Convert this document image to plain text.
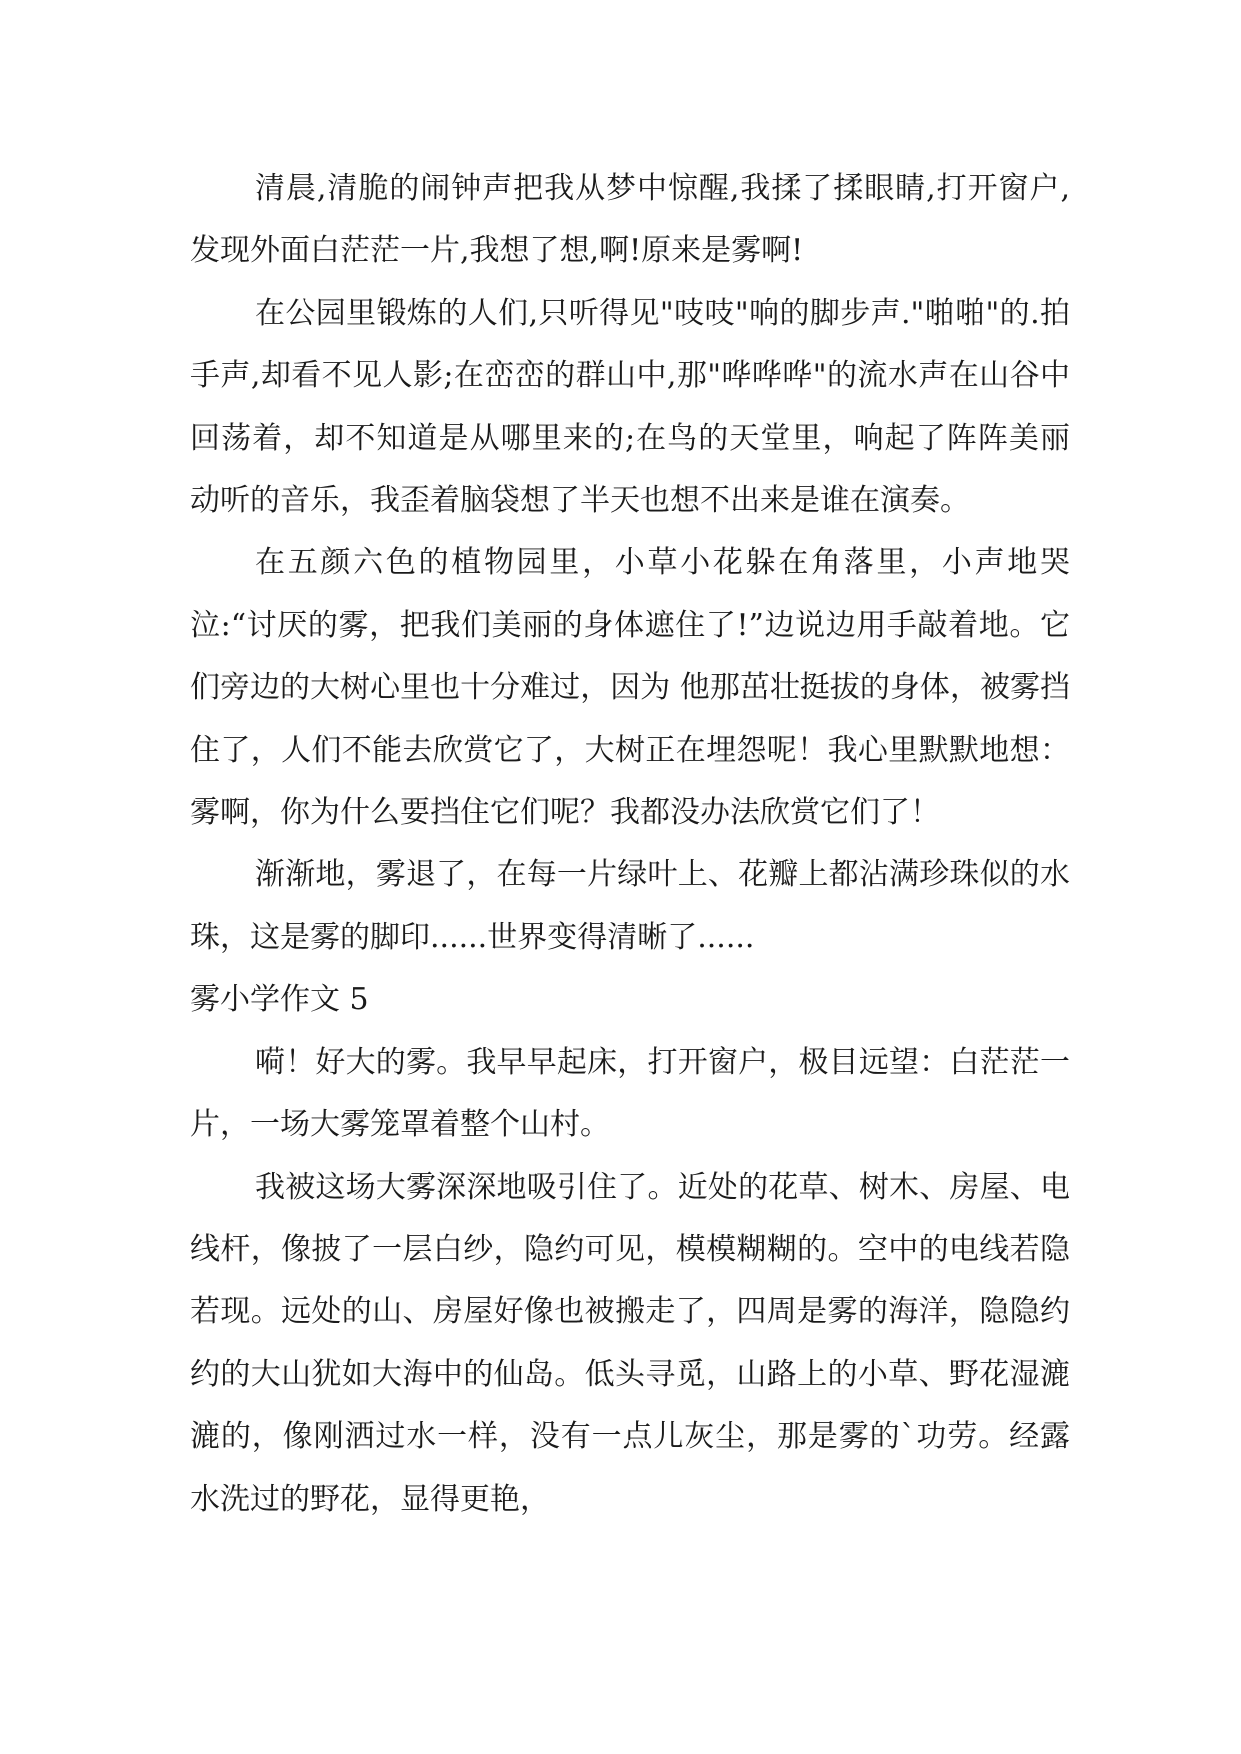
清晨,清脆的闹钟声把我从梦中惊醒,我揉了揉眼睛,打开窗户,发现外面白茫茫一片,我想了想,啊!原来是雾啊!

在公园里锻炼的人们,只听得见"吱吱"响的脚步声."啪啪"的.拍手声,却看不见人影;在峦峦的群山中,那"哗哗哗"的流水声在山谷中回荡着，却不知道是从哪里来的;在鸟的天堂里，响起了阵阵美丽动听的音乐，我歪着脑袋想了半天也想不出来是谁在演奏。

在五颜六色的植物园里，小草小花躲在角落里，小声地哭泣:“讨厌的雾，把我们美丽的身体遮住了!”边说边用手敲着地。它们旁边的大树心里也十分难过，因为 他那茁壮挺拔的身体，被雾挡住了，人们不能去欣赏它了，大树正在埋怨呢！我心里默默地想：雾啊，你为什么要挡住它们呢？我都没办法欣赏它们了！

渐渐地，雾退了，在每一片绿叶上、花瓣上都沾满珍珠似的水珠，这是雾的脚印......世界变得清晰了......

雾小学作文 5

嗬！好大的雾。我早早起床，打开窗户，极目远望：白茫茫一片，一场大雾笼罩着整个山村。

我被这场大雾深深地吸引住了。近处的花草、树木、房屋、电线杆，像披了一层白纱，隐约可见，模模糊糊的。空中的电线若隐若现。远处的山、房屋好像也被搬走了，四周是雾的海洋，隐隐约约的大山犹如大海中的仙岛。低头寻觅，山路上的小草、野花湿漉漉的，像刚洒过水一样，没有一点儿灰尘，那是雾的`功劳。经露水洗过的野花，显得更艳，
